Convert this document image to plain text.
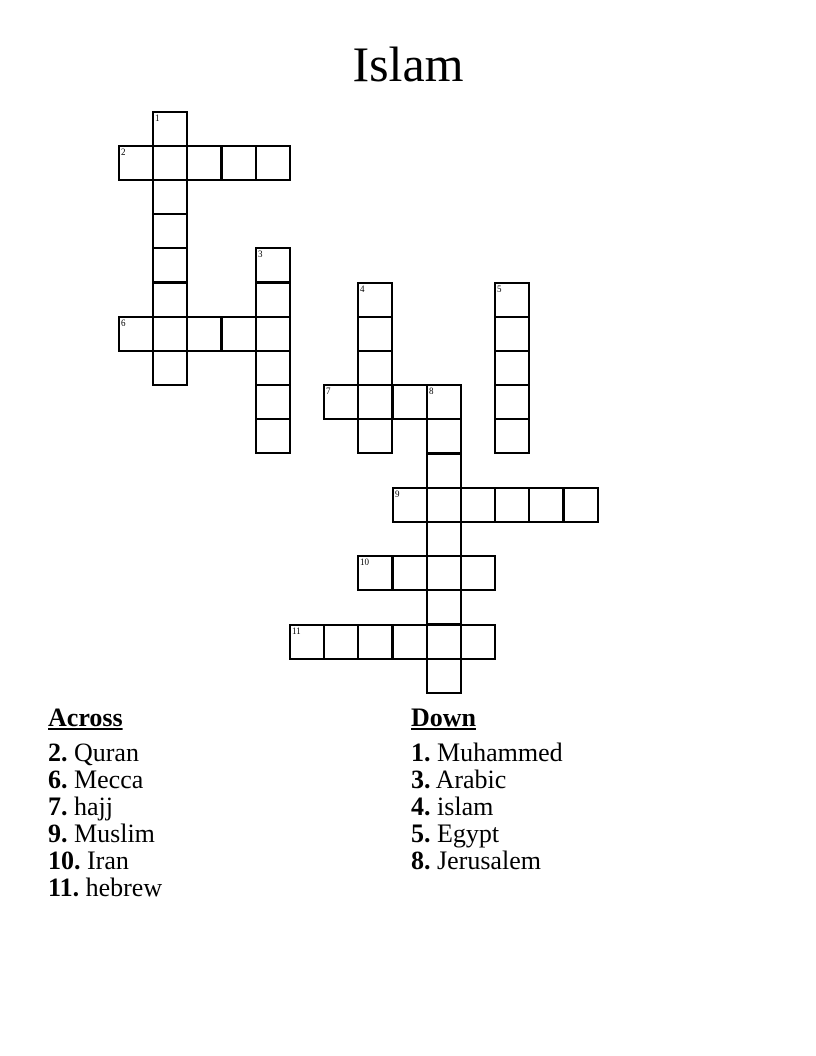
Islam
1
2
3
4	5
6
7	8
9
10
11
Across
2. Quran
6. Mecca
7. hajj
9. Muslim
10. Iran
11. hebrew
Down
1. Muhammed
3. Arabic
4. islam
5. Egypt
8. Jerusalem
